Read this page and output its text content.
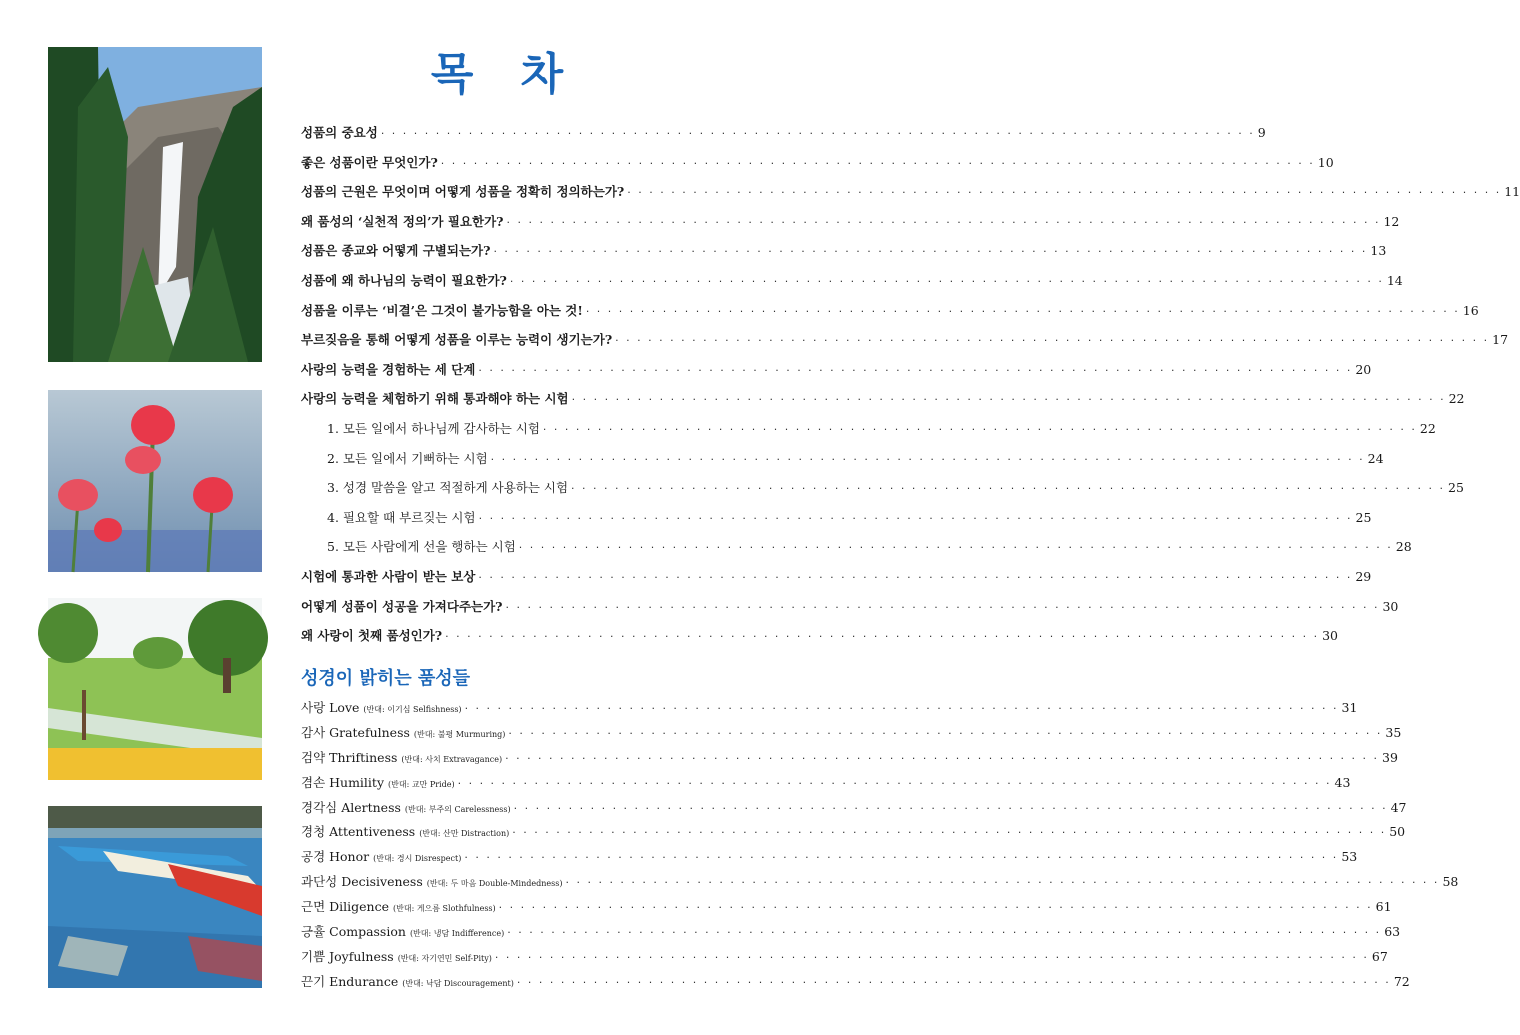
목 차
성품의 중요성 · · · · · · · · · · · · · · · · · · · · · · · · · · · · · · · · · · · · · · · · · · · · · · · · · · · · · · · · · · · · · · · · · · · · · · · · · · · · · · · · 9
좋은 성품이란 무엇인가? · · · · · · · · · · · · · · · · · · · · · · · · · · · · · · · · · · · · · · · · · · · · · · · · · · · · · · · · · · · · · · · · · · · · · · · · · · · · · · · · 10
성품의 근원은 무엇이며 어떻게 성품을 정확히 정의하는가? · · · · · · · · · · · · · · · · · · · · · · · · · · · · · · · · · · · · · · · · · · · · · · · · · · · · · · · · · · · · · · · · · · · · · · · · · · · · · · · · 11
왜 품성의 ‘실천적 정의’가 필요한가? · · · · · · · · · · · · · · · · · · · · · · · · · · · · · · · · · · · · · · · · · · · · · · · · · · · · · · · · · · · · · · · · · · · · · · · · · · · · · · · · 12
성품은 종교와 어떻게 구별되는가? · · · · · · · · · · · · · · · · · · · · · · · · · · · · · · · · · · · · · · · · · · · · · · · · · · · · · · · · · · · · · · · · · · · · · · · · · · · · · · · · 13
성품에 왜 하나님의 능력이 필요한가? · · · · · · · · · · · · · · · · · · · · · · · · · · · · · · · · · · · · · · · · · · · · · · · · · · · · · · · · · · · · · · · · · · · · · · · · · · · · · · · · 14
성품을 이루는 ‘비결’은 그것이 불가능함을 아는 것! · · · · · · · · · · · · · · · · · · · · · · · · · · · · · · · · · · · · · · · · · · · · · · · · · · · · · · · · · · · · · · · · · · · · · · · · · · · · · · · · 16
부르짖음을 통해 어떻게 성품을 이루는 능력이 생기는가? · · · · · · · · · · · · · · · · · · · · · · · · · · · · · · · · · · · · · · · · · · · · · · · · · · · · · · · · · · · · · · · · · · · · · · · · · · · · · · · · 17
사랑의 능력을 경험하는 세 단계 · · · · · · · · · · · · · · · · · · · · · · · · · · · · · · · · · · · · · · · · · · · · · · · · · · · · · · · · · · · · · · · · · · · · · · · · · · · · · · · · 20
사랑의 능력을 체험하기 위해 통과해야 하는 시험 · · · · · · · · · · · · · · · · · · · · · · · · · · · · · · · · · · · · · · · · · · · · · · · · · · · · · · · · · · · · · · · · · · · · · · · · · · · · · · · · 22
1. 모든 일에서 하나님께 감사하는 시험 · · · · · · · · · · · · · · · · · · · · · · · · · · · · · · · · · · · · · · · · · · · · · · · · · · · · · · · · · · · · · · · · · · · · · · · · · · · · · · · · 22
2. 모든 일에서 기뻐하는 시험 · · · · · · · · · · · · · · · · · · · · · · · · · · · · · · · · · · · · · · · · · · · · · · · · · · · · · · · · · · · · · · · · · · · · · · · · · · · · · · · · 24
3. 성경 말씀을 알고 적절하게 사용하는 시험 · · · · · · · · · · · · · · · · · · · · · · · · · · · · · · · · · · · · · · · · · · · · · · · · · · · · · · · · · · · · · · · · · · · · · · · · · · · · · · · · 25
4. 필요할 때 부르짖는 시험 · · · · · · · · · · · · · · · · · · · · · · · · · · · · · · · · · · · · · · · · · · · · · · · · · · · · · · · · · · · · · · · · · · · · · · · · · · · · · · · · 25
5. 모든 사람에게 선을 행하는 시험 · · · · · · · · · · · · · · · · · · · · · · · · · · · · · · · · · · · · · · · · · · · · · · · · · · · · · · · · · · · · · · · · · · · · · · · · · · · · · · · · 28
시험에 통과한 사람이 받는 보상 · · · · · · · · · · · · · · · · · · · · · · · · · · · · · · · · · · · · · · · · · · · · · · · · · · · · · · · · · · · · · · · · · · · · · · · · · · · · · · · · 29
어떻게 성품이 성공을 가져다주는가? · · · · · · · · · · · · · · · · · · · · · · · · · · · · · · · · · · · · · · · · · · · · · · · · · · · · · · · · · · · · · · · · · · · · · · · · · · · · · · · · 30
왜 사랑이 첫째 품성인가? · · · · · · · · · · · · · · · · · · · · · · · · · · · · · · · · · · · · · · · · · · · · · · · · · · · · · · · · · · · · · · · · · · · · · · · · · · · · · · · · 30
성경이 밝히는 품성들
사랑 Love (반대: 이기심 Selfishness) · · · · · · · · · · · · · · · · · · · · · · · · · · · · · · · · · · · · · · · · · · · · · · · · · · · · · · · · · · · · · · · · · · · · · · · · · · · · · · · · 31
감사 Gratefulness (반대: 불평 Murmuring) · · · · · · · · · · · · · · · · · · · · · · · · · · · · · · · · · · · · · · · · · · · · · · · · · · · · · · · · · · · · · · · · · · · · · · · · · · · · · · · · 35
검약 Thriftiness (반대: 사치 Extravagance) · · · · · · · · · · · · · · · · · · · · · · · · · · · · · · · · · · · · · · · · · · · · · · · · · · · · · · · · · · · · · · · · · · · · · · · · · · · · · · · · 39
겸손 Humility (반대: 교만 Pride) · · · · · · · · · · · · · · · · · · · · · · · · · · · · · · · · · · · · · · · · · · · · · · · · · · · · · · · · · · · · · · · · · · · · · · · · · · · · · · · · 43
경각심 Alertness (반대: 부주의 Carelessness) · · · · · · · · · · · · · · · · · · · · · · · · · · · · · · · · · · · · · · · · · · · · · · · · · · · · · · · · · · · · · · · · · · · · · · · · · · · · · · · · 47
경청 Attentiveness (반대: 산만 Distraction) · · · · · · · · · · · · · · · · · · · · · · · · · · · · · · · · · · · · · · · · · · · · · · · · · · · · · · · · · · · · · · · · · · · · · · · · · · · · · · · · 50
공경 Honor (반대: 경시 Disrespect) · · · · · · · · · · · · · · · · · · · · · · · · · · · · · · · · · · · · · · · · · · · · · · · · · · · · · · · · · · · · · · · · · · · · · · · · · · · · · · · · 53
과단성 Decisiveness (반대: 두 마음 Double-Mindedness) · · · · · · · · · · · · · · · · · · · · · · · · · · · · · · · · · · · · · · · · · · · · · · · · · · · · · · · · · · · · · · · · · · · · · · · · · · · · · · · · 58
근면 Diligence (반대: 게으름 Slothfulness) · · · · · · · · · · · · · · · · · · · · · · · · · · · · · · · · · · · · · · · · · · · · · · · · · · · · · · · · · · · · · · · · · · · · · · · · · · · · · · · · 61
긍휼 Compassion (반대: 냉담 Indifference) · · · · · · · · · · · · · · · · · · · · · · · · · · · · · · · · · · · · · · · · · · · · · · · · · · · · · · · · · · · · · · · · · · · · · · · · · · · · · · · · 63
기쁨 Joyfulness (반대: 자기연민 Self-Pity) · · · · · · · · · · · · · · · · · · · · · · · · · · · · · · · · · · · · · · · · · · · · · · · · · · · · · · · · · · · · · · · · · · · · · · · · · · · · · · · · 67
끈기 Endurance (반대: 낙담 Discouragement) · · · · · · · · · · · · · · · · · · · · · · · · · · · · · · · · · · · · · · · · · · · · · · · · · · · · · · · · · · · · · · · · · · · · · · · · · · · · · · · · 72
